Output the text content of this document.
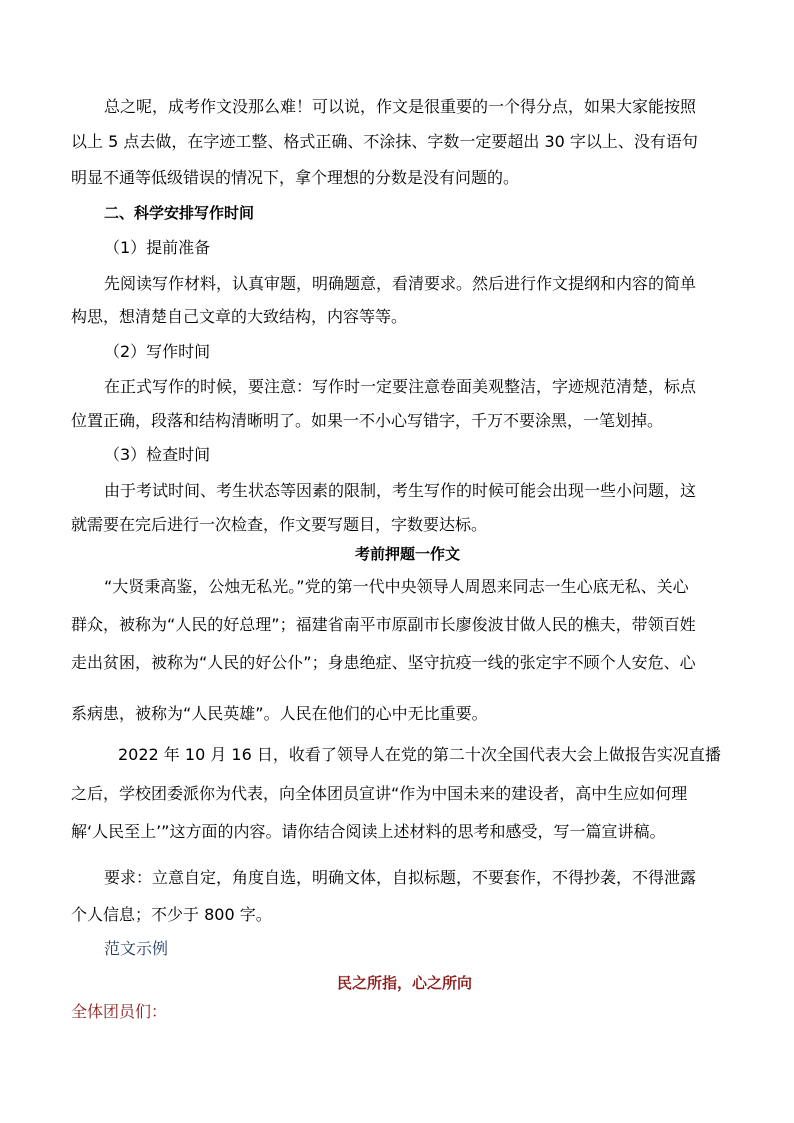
总之呢，成考作文没那么难！可以说，作文是很重要的一个得分点，如果大家能按照
以上 5 点去做，在字迹工整、格式正确、不涂抹、字数一定要超出 30 字以上、没有语句
明显不通等低级错误的情况下，拿个理想的分数是没有问题的。
二、科学安排写作时间
（1）提前准备
先阅读写作材料，认真审题，明确题意，看清要求。然后进行作文提纲和内容的简单
构思，想清楚自己文章的大致结构，内容等等。
（2）写作时间
在正式写作的时候，要注意：写作时一定要注意卷面美观整洁，字迹规范清楚，标点
位置正确，段落和结构清晰明了。如果一不小心写错字，千万不要涂黑，一笔划掉。
（3）检查时间
由于考试时间、考生状态等因素的限制，考生写作的时候可能会出现一些小问题，这
就需要在完后进行一次检查，作文要写题目，字数要达标。
考前押题一作文
“大贤秉高鉴，公烛无私光。”党的第一代中央领导人周恩来同志一生心底无私、关心
群众，被称为“人民的好总理”；福建省南平市原副市长廖俊波甘做人民的樵夫，带领百姓
走出贫困，被称为“人民的好公仆”；身患绝症、坚守抗疫一线的张定宇不顾个人安危、心
系病患，被称为“人民英雄”。人民在他们的心中无比重要。
2022 年 10 月 16 日，收看了领导人在党的第二十次全国代表大会上做报告实况直播
之后，学校团委派你为代表，向全体团员宣讲“作为中国未来的建设者，高中生应如何理
解‘人民至上’”这方面的内容。请你结合阅读上述材料的思考和感受，写一篇宣讲稿。
要求：立意自定，角度自选，明确文体，自拟标题，不要套作，不得抄袭，不得泄露
个人信息；不少于 800 字。
范文示例
民之所指，心之所向
全体团员们：
